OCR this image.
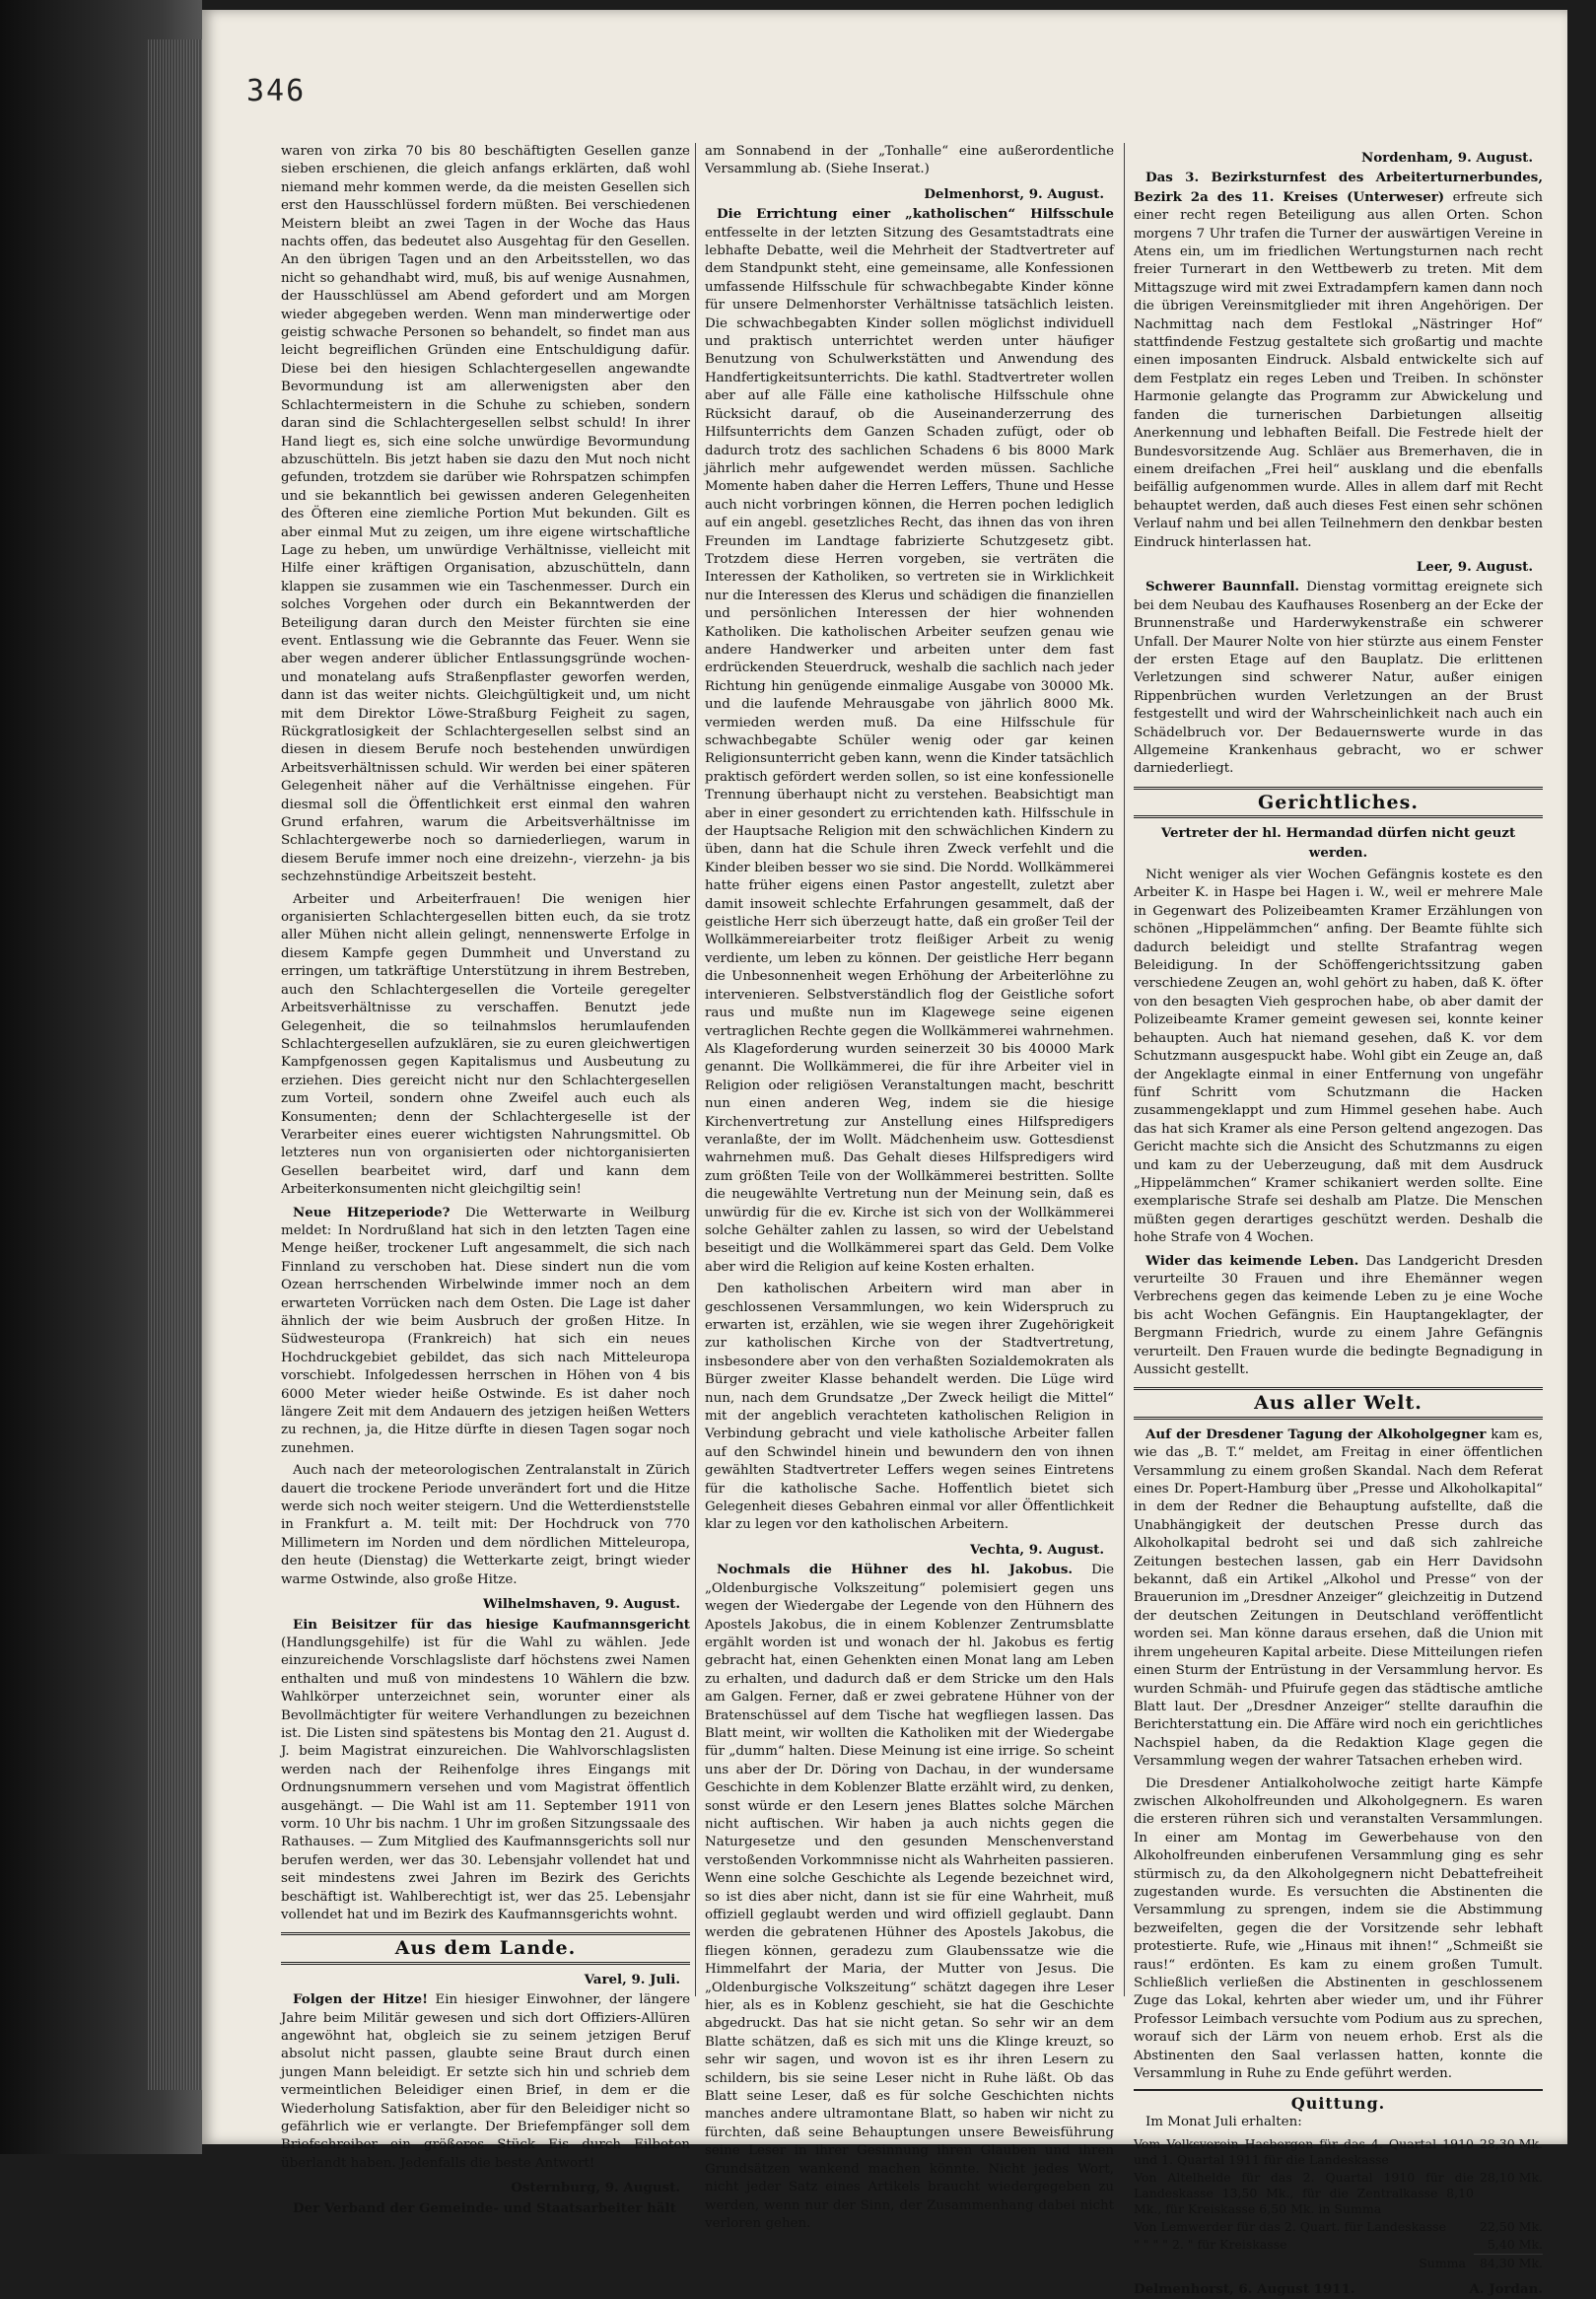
346

waren von zirka 70 bis 80 beschäftigten Gesellen ganze sieben erschienen, die gleich anfangs erklärten, daß wohl niemand mehr kommen werde, da die meisten Gesellen sich erst den Hausschlüssel fordern müßten. Bei verschiedenen Meistern bleibt an zwei Tagen in der Woche das Haus nachts offen, das bedeutet also Ausgehtag für den Gesellen. An den übrigen Tagen und an den Arbeitsstellen, wo das nicht so gehandhabt wird, muß, bis auf wenige Ausnahmen, der Hausschlüssel am Abend gefordert und am Morgen wieder abgegeben werden. Wenn man minderwertige oder geistig schwache Personen so behandelt, so findet man aus leicht begreiflichen Gründen eine Entschuldigung dafür. Diese bei den hiesigen Schlachtergesellen angewandte Bevormundung ist am allerwenigsten aber den Schlachtermeistern in die Schuhe zu schieben, sondern daran sind die Schlachtergesellen selbst schuld! In ihrer Hand liegt es, sich eine solche unwürdige Bevormundung abzuschütteln. Bis jetzt haben sie dazu den Mut noch nicht gefunden, trotzdem sie darüber wie Rohrspatzen schimpfen und sie bekanntlich bei gewissen anderen Gelegenheiten des Öfteren eine ziemliche Portion Mut bekunden. Gilt es aber einmal Mut zu zeigen, um ihre eigene wirtschaftliche Lage zu heben, um unwürdige Verhältnisse, vielleicht mit Hilfe einer kräftigen Organisation, abzuschütteln, dann klappen sie zusammen wie ein Taschenmesser. Durch ein solches Vorgehen oder durch ein Bekanntwerden der Beteiligung daran durch den Meister fürchten sie eine event. Entlassung wie die Gebrannte das Feuer. Wenn sie aber wegen anderer üblicher Entlassungsgründe wochen- und monatelang aufs Straßenpflaster geworfen werden, dann ist das weiter nichts. Gleichgültigkeit und, um nicht mit dem Direktor Löwe-Straßburg Feigheit zu sagen, Rückgratlosigkeit der Schlachtergesellen selbst sind an diesen in diesem Berufe noch bestehenden unwürdigen Arbeitsverhältnissen schuld. Wir werden bei einer späteren Gelegenheit näher auf die Verhältnisse eingehen. Für diesmal soll die Öffentlichkeit erst einmal den wahren Grund erfahren, warum die Arbeitsverhältnisse im Schlachtergewerbe noch so darniederliegen, warum in diesem Berufe immer noch eine dreizehn-, vierzehn- ja bis sechzehnstündige Arbeitszeit besteht.

Arbeiter und Arbeiterfrauen! Die wenigen hier organisierten Schlachtergesellen bitten euch, da sie trotz aller Mühen nicht allein gelingt, nennenswerte Erfolge in diesem Kampfe gegen Dummheit und Unverstand zu erringen, um tatkräftige Unterstützung in ihrem Bestreben, auch den Schlachtergesellen die Vorteile geregelter Arbeitsverhältnisse zu verschaffen. Benutzt jede Gelegenheit, die so teilnahmslos herumlaufenden Schlachtergesellen aufzuklären, sie zu euren gleichwertigen Kampfgenossen gegen Kapitalismus und Ausbeutung zu erziehen. Dies gereicht nicht nur den Schlachtergesellen zum Vorteil, sondern ohne Zweifel auch euch als Konsumenten; denn der Schlachtergeselle ist der Verarbeiter eines euerer wichtigsten Nahrungsmittel. Ob letzteres nun von organisierten oder nichtorganisierten Gesellen bearbeitet wird, darf und kann dem Arbeiterkonsumenten nicht gleichgiltig sein!

Neue Hitzeperiode? Die Wetterwarte in Weilburg meldet: In Nordrußland hat sich in den letzten Tagen eine Menge heißer, trockener Luft angesammelt, die sich nach Finnland zu verschoben hat. Diese sindert nun die vom Ozean herrschenden Wirbelwinde immer noch an dem erwarteten Vorrücken nach dem Osten. Die Lage ist daher ähnlich der wie beim Ausbruch der großen Hitze. In Südwesteuropa (Frankreich) hat sich ein neues Hochdruckgebiet gebildet, das sich nach Mitteleuropa vorschiebt. Infolgedessen herrschen in Höhen von 4 bis 6000 Meter wieder heiße Ostwinde. Es ist daher noch längere Zeit mit dem Andauern des jetzigen heißen Wetters zu rechnen, ja, die Hitze dürfte in diesen Tagen sogar noch zunehmen.

Auch nach der meteorologischen Zentralanstalt in Zürich dauert die trockene Periode unverändert fort und die Hitze werde sich noch weiter steigern. Und die Wetterdienststelle in Frankfurt a. M. teilt mit: Der Hochdruck von 770 Millimetern im Norden und dem nördlichen Mitteleuropa, den heute (Dienstag) die Wetterkarte zeigt, bringt wieder warme Ostwinde, also große Hitze.

Wilhelmshaven, 9. August.

Ein Beisitzer für das hiesige Kaufmannsgericht (Handlungsgehilfe) ist für die Wahl zu wählen. Jede einzureichende Vorschlagsliste darf höchstens zwei Namen enthalten und muß von mindestens 10 Wählern die bzw. Wahlkörper unterzeichnet sein, worunter einer als Bevollmächtigter für weitere Verhandlungen zu bezeichnen ist. Die Listen sind spätestens bis Montag den 21. August d. J. beim Magistrat einzureichen. Die Wahlvorschlagslisten werden nach der Reihenfolge ihres Eingangs mit Ordnungsnummern versehen und vom Magistrat öffentlich ausgehängt. — Die Wahl ist am 11. September 1911 von vorm. 10 Uhr bis nachm. 1 Uhr im großen Sitzungssaale des Rathauses. — Zum Mitglied des Kaufmannsgerichts soll nur berufen werden, wer das 30. Lebensjahr vollendet hat und seit mindestens zwei Jahren im Bezirk des Gerichts beschäftigt ist. Wahlberechtigt ist, wer das 25. Lebensjahr vollendet hat und im Bezirk des Kaufmannsgerichts wohnt.

Aus dem Lande.
Varel, 9. Juli.

Folgen der Hitze! Ein hiesiger Einwohner, der längere Jahre beim Militär gewesen und sich dort Offiziers-Allüren angewöhnt hat, obgleich sie zu seinem jetzigen Beruf absolut nicht passen, glaubte seine Braut durch einen jungen Mann beleidigt. Er setzte sich hin und schrieb dem vermeintlichen Beleidiger einen Brief, in dem er die Wiederholung Satisfaktion, aber für den Beleidiger nicht so gefährlich wie er verlangte. Der Briefempfänger soll dem Briefschreiber ein größeres Stück Eis durch Eilboten überlandt haben. Jedenfalls die beste Antwort!

Osternburg, 9. August.

Der Verband der Gemeinde- und Staatsarbeiter hält

am Sonnabend in der „Tonhalle“ eine außerordentliche Versammlung ab. (Siehe Inserat.)

Delmenhorst, 9. August.

Die Errichtung einer „katholischen“ Hilfsschule entfesselte in der letzten Sitzung des Gesamtstadtrats eine lebhafte Debatte, weil die Mehrheit der Stadtvertreter auf dem Standpunkt steht, eine gemeinsame, alle Konfessionen umfassende Hilfsschule für schwachbegabte Kinder könne für unsere Delmenhorster Verhältnisse tatsächlich leisten. Die schwachbegabten Kinder sollen möglichst individuell und praktisch unterrichtet werden unter häufiger Benutzung von Schulwerkstätten und Anwendung des Handfertigkeitsunterrichts. Die kathl. Stadtvertreter wollen aber auf alle Fälle eine katholische Hilfsschule ohne Rücksicht darauf, ob die Auseinanderzerrung des Hilfsunterrichts dem Ganzen Schaden zufügt, oder ob dadurch trotz des sachlichen Schadens 6 bis 8000 Mark jährlich mehr aufgewendet werden müssen. Sachliche Momente haben daher die Herren Leffers, Thune und Hesse auch nicht vorbringen können, die Herren pochen lediglich auf ein angebl. gesetzliches Recht, das ihnen das von ihren Freunden im Landtage fabrizierte Schutzgesetz gibt. Trotzdem diese Herren vorgeben, sie verträten die Interessen der Katholiken, so vertreten sie in Wirklichkeit nur die Interessen des Klerus und schädigen die finanziellen und persönlichen Interessen der hier wohnenden Katholiken. Die katholischen Arbeiter seufzen genau wie andere Handwerker und arbeiten unter dem fast erdrückenden Steuerdruck, weshalb die sachlich nach jeder Richtung hin genügende einmalige Ausgabe von 30000 Mk. und die laufende Mehrausgabe von jährlich 8000 Mk. vermieden werden muß. Da eine Hilfsschule für schwachbegabte Schüler wenig oder gar keinen Religionsunterricht geben kann, wenn die Kinder tatsächlich praktisch gefördert werden sollen, so ist eine konfessionelle Trennung überhaupt nicht zu verstehen. Beabsichtigt man aber in einer gesondert zu errichtenden kath. Hilfsschule in der Hauptsache Religion mit den schwächlichen Kindern zu üben, dann hat die Schule ihren Zweck verfehlt und die Kinder bleiben besser wo sie sind. Die Nordd. Wollkämmerei hatte früher eigens einen Pastor angestellt, zuletzt aber damit insoweit schlechte Erfahrungen gesammelt, daß der geistliche Herr sich überzeugt hatte, daß ein großer Teil der Wollkämmereiarbeiter trotz fleißiger Arbeit zu wenig verdiente, um leben zu können. Der geistliche Herr begann die Unbesonnenheit wegen Erhöhung der Arbeiterlöhne zu intervenieren. Selbstverständlich flog der Geistliche sofort raus und mußte nun im Klagewege seine eigenen vertraglichen Rechte gegen die Wollkämmerei wahrnehmen. Als Klageforderung wurden seinerzeit 30 bis 40000 Mark genannt. Die Wollkämmerei, die für ihre Arbeiter viel in Religion oder religiösen Veranstaltungen macht, beschritt nun einen anderen Weg, indem sie die hiesige Kirchenvertretung zur Anstellung eines Hilfspredigers veranlaßte, der im Wollt. Mädchenheim usw. Gottesdienst wahrnehmen muß. Das Gehalt dieses Hilfspredigers wird zum größten Teile von der Wollkämmerei bestritten. Sollte die neugewählte Vertretung nun der Meinung sein, daß es unwürdig für die ev. Kirche ist sich von der Wollkämmerei solche Gehälter zahlen zu lassen, so wird der Uebelstand beseitigt und die Wollkämmerei spart das Geld. Dem Volke aber wird die Religion auf keine Kosten erhalten.

Den katholischen Arbeitern wird man aber in geschlossenen Versammlungen, wo kein Widerspruch zu erwarten ist, erzählen, wie sie wegen ihrer Zugehörigkeit zur katholischen Kirche von der Stadtvertretung, insbesondere aber von den verhaßten Sozialdemokraten als Bürger zweiter Klasse behandelt werden. Die Lüge wird nun, nach dem Grundsatze „Der Zweck heiligt die Mittel“ mit der angeblich verachteten katholischen Religion in Verbindung gebracht und viele katholische Arbeiter fallen auf den Schwindel hinein und bewundern den von ihnen gewählten Stadtvertreter Leffers wegen seines Eintretens für die katholische Sache. Hoffentlich bietet sich Gelegenheit dieses Gebahren einmal vor aller Öffentlichkeit klar zu legen vor den katholischen Arbeitern.

Vechta, 9. August.

Nochmals die Hühner des hl. Jakobus. Die „Oldenburgische Volkszeitung“ polemisiert gegen uns wegen der Wiedergabe der Legende von den Hühnern des Apostels Jakobus, die in einem Koblenzer Zentrumsblatte ergählt worden ist und wonach der hl. Jakobus es fertig gebracht hat, einen Gehenkten einen Monat lang am Leben zu erhalten, und dadurch daß er dem Stricke um den Hals am Galgen. Ferner, daß er zwei gebratene Hühner von der Bratenschüssel auf dem Tische hat wegfliegen lassen. Das Blatt meint, wir wollten die Katholiken mit der Wiedergabe für „dumm“ halten. Diese Meinung ist eine irrige. So scheint uns aber der Dr. Döring von Dachau, in der wundersame Geschichte in dem Koblenzer Blatte erzählt wird, zu denken, sonst würde er den Lesern jenes Blattes solche Märchen nicht auftischen. Wir haben ja auch nichts gegen die Naturgesetze und den gesunden Menschenverstand verstoßenden Vorkommnisse nicht als Wahrheiten passieren. Wenn eine solche Geschichte als Legende bezeichnet wird, so ist dies aber nicht, dann ist sie für eine Wahrheit, muß offiziell geglaubt werden und wird offiziell geglaubt. Dann werden die gebratenen Hühner des Apostels Jakobus, die fliegen können, geradezu zum Glaubenssatze wie die Himmelfahrt der Maria, der Mutter von Jesus. Die „Oldenburgische Volkszeitung“ schätzt dagegen ihre Leser hier, als es in Koblenz geschieht, sie hat die Geschichte abgedruckt. Das hat sie nicht getan. So sehr wir an dem Blatte schätzen, daß es sich mit uns die Klinge kreuzt, so sehr wir sagen, und wovon ist es ihr ihren Lesern zu schildern, bis sie seine Leser nicht in Ruhe läßt. Ob das Blatt seine Leser, daß es für solche Geschichten nichts manches andere ultramontane Blatt, so haben wir nicht zu fürchten, daß seine Behauptungen unsere Beweisführung seine Leser in ihrer Gesinnung ihren Glauben und ihren Grundsätzen wankend machen könnte. Nicht jedes Wort, nicht jeder Satz eines Artikels braucht wiedergegeben zu werden, wenn nur der Sinn, der Zusammenhang dabei nicht verloren gehen.

Nordenham, 9. August.

Das 3. Bezirksturnfest des Arbeiterturnerbundes, Bezirk 2a des 11. Kreises (Unterweser) erfreute sich einer recht regen Beteiligung aus allen Orten. Schon morgens 7 Uhr trafen die Turner der auswärtigen Vereine in Atens ein, um im friedlichen Wertungsturnen nach recht freier Turnerart in den Wettbewerb zu treten. Mit dem Mittagszuge wird mit zwei Extradampfern kamen dann noch die übrigen Vereinsmitglieder mit ihren Angehörigen. Der Nachmittag nach dem Festlokal „Nästringer Hof“ stattfindende Festzug gestaltete sich großartig und machte einen imposanten Eindruck. Alsbald entwickelte sich auf dem Festplatz ein reges Leben und Treiben. In schönster Harmonie gelangte das Programm zur Abwickelung und fanden die turnerischen Darbietungen allseitig Anerkennung und lebhaften Beifall. Die Festrede hielt der Bundesvorsitzende Aug. Schläer aus Bremerhaven, die in einem dreifachen „Frei heil“ ausklang und die ebenfalls beifällig aufgenommen wurde. Alles in allem darf mit Recht behauptet werden, daß auch dieses Fest einen sehr schönen Verlauf nahm und bei allen Teilnehmern den denkbar besten Eindruck hinterlassen hat.

Leer, 9. August.

Schwerer Baunnfall. Dienstag vormittag ereignete sich bei dem Neubau des Kaufhauses Rosenberg an der Ecke der Brunnenstraße und Harderwykenstraße ein schwerer Unfall. Der Maurer Nolte von hier stürzte aus einem Fenster der ersten Etage auf den Bauplatz. Die erlittenen Verletzungen sind schwerer Natur, außer einigen Rippenbrüchen wurden Verletzungen an der Brust festgestellt und wird der Wahrscheinlichkeit nach auch ein Schädelbruch vor. Der Bedauernswerte wurde in das Allgemeine Krankenhaus gebracht, wo er schwer darniederliegt.

Gerichtliches.

Vertreter der hl. Hermandad dürfen nicht geuzt werden.

Nicht weniger als vier Wochen Gefängnis kostete es den Arbeiter K. in Haspe bei Hagen i. W., weil er mehrere Male in Gegenwart des Polizeibeamten Kramer Erzählungen von schönen „Hippelämmchen“ anfing. Der Beamte fühlte sich dadurch beleidigt und stellte Strafantrag wegen Beleidigung. In der Schöffengerichtssitzung gaben verschiedene Zeugen an, wohl gehört zu haben, daß K. öfter von den besagten Vieh gesprochen habe, ob aber damit der Polizeibeamte Kramer gemeint gewesen sei, konnte keiner behaupten. Auch hat niemand gesehen, daß K. vor dem Schutzmann ausgespuckt habe. Wohl gibt ein Zeuge an, daß der Angeklagte einmal in einer Entfernung von ungefähr fünf Schritt vom Schutzmann die Hacken zusammengeklappt und zum Himmel gesehen habe. Auch das hat sich Kramer als eine Person geltend angezogen. Das Gericht machte sich die Ansicht des Schutzmanns zu eigen und kam zu der Ueberzeugung, daß mit dem Ausdruck „Hippelämmchen“ Kramer schikaniert werden sollte. Eine exemplarische Strafe sei deshalb am Platze. Die Menschen müßten gegen derartiges geschützt werden. Deshalb die hohe Strafe von 4 Wochen.

Wider das keimende Leben. Das Landgericht Dresden verurteilte 30 Frauen und ihre Ehemänner wegen Verbrechens gegen das keimende Leben zu je eine Woche bis acht Wochen Gefängnis. Ein Hauptangeklagter, der Bergmann Friedrich, wurde zu einem Jahre Gefängnis verurteilt. Den Frauen wurde die bedingte Begnadigung in Aussicht gestellt.

Aus aller Welt.

Auf der Dresdener Tagung der Alkoholgegner kam es, wie das „B. T.“ meldet, am Freitag in einer öffentlichen Versammlung zu einem großen Skandal. Nach dem Referat eines Dr. Popert-Hamburg über „Presse und Alkoholkapital“ in dem der Redner die Behauptung aufstellte, daß die Unabhängigkeit der deutschen Presse durch das Alkoholkapital bedroht sei und daß sich zahlreiche Zeitungen bestechen lassen, gab ein Herr Davidsohn bekannt, daß ein Artikel „Alkohol und Presse“ von der Brauerunion im „Dresdner Anzeiger“ gleichzeitig in Dutzend der deutschen Zeitungen in Deutschland veröffentlicht worden sei. Man könne daraus ersehen, daß die Union mit ihrem ungeheuren Kapital arbeite. Diese Mitteilungen riefen einen Sturm der Entrüstung in der Versammlung hervor. Es wurden Schmäh- und Pfuirufe gegen das städtische amtliche Blatt laut. Der „Dresdner Anzeiger“ stellte daraufhin die Berichterstattung ein. Die Affäre wird noch ein gerichtliches Nachspiel haben, da die Redaktion Klage gegen die Versammlung wegen der wahrer Tatsachen erheben wird.

Die Dresdener Antialkoholwoche zeitigt harte Kämpfe zwischen Alkoholfreunden und Alkoholgegnern. Es waren die ersteren rühren sich und veranstalten Versammlungen. In einer am Montag im Gewerbehause von den Alkoholfreunden einberufenen Versammlung ging es sehr stürmisch zu, da den Alkoholgegnern nicht Debattefreiheit zugestanden wurde. Es versuchten die Abstinenten die Versammlung zu sprengen, indem sie die Abstimmung bezweifelten, gegen die der Vorsitzende sehr lebhaft protestierte. Rufe, wie „Hinaus mit ihnen!“ „Schmeißt sie raus!“ erdönten. Es kam zu einem großen Tumult. Schließlich verließen die Abstinenten in geschlossenem Zuge das Lokal, kehrten aber wieder um, und ihr Führer Professor Leimbach versuchte vom Podium aus zu sprechen, worauf sich der Lärm von neuem erhob. Erst als die Abstinenten den Saal verlassen hatten, konnte die Versammlung in Ruhe zu Ende geführt werden.

Quittung.

Im Monat Juli erhalten:

Vom Volksverein Hasbergen für das 4. Quartal 1910 und 1. Quartal 1911 für die Landeskasse	28,30 Mk.
Von Altelhelde für das 2. Quartal 1910 für die Landeskasse 13,50 Mk., für die Zentralkasse 8,10 Mk., für Kreiskasse 6,50 Mk. in Summa	28,10 Mk.
Von Lemwerder für das 2. Quart. für Landeskasse	22,50 Mk.
" " " " 2. " für Kreiskasse	5,40 Mk.
Summa	84,30 Mk.
Delmenhorst, 6. August 1911.	A. Jordan.
